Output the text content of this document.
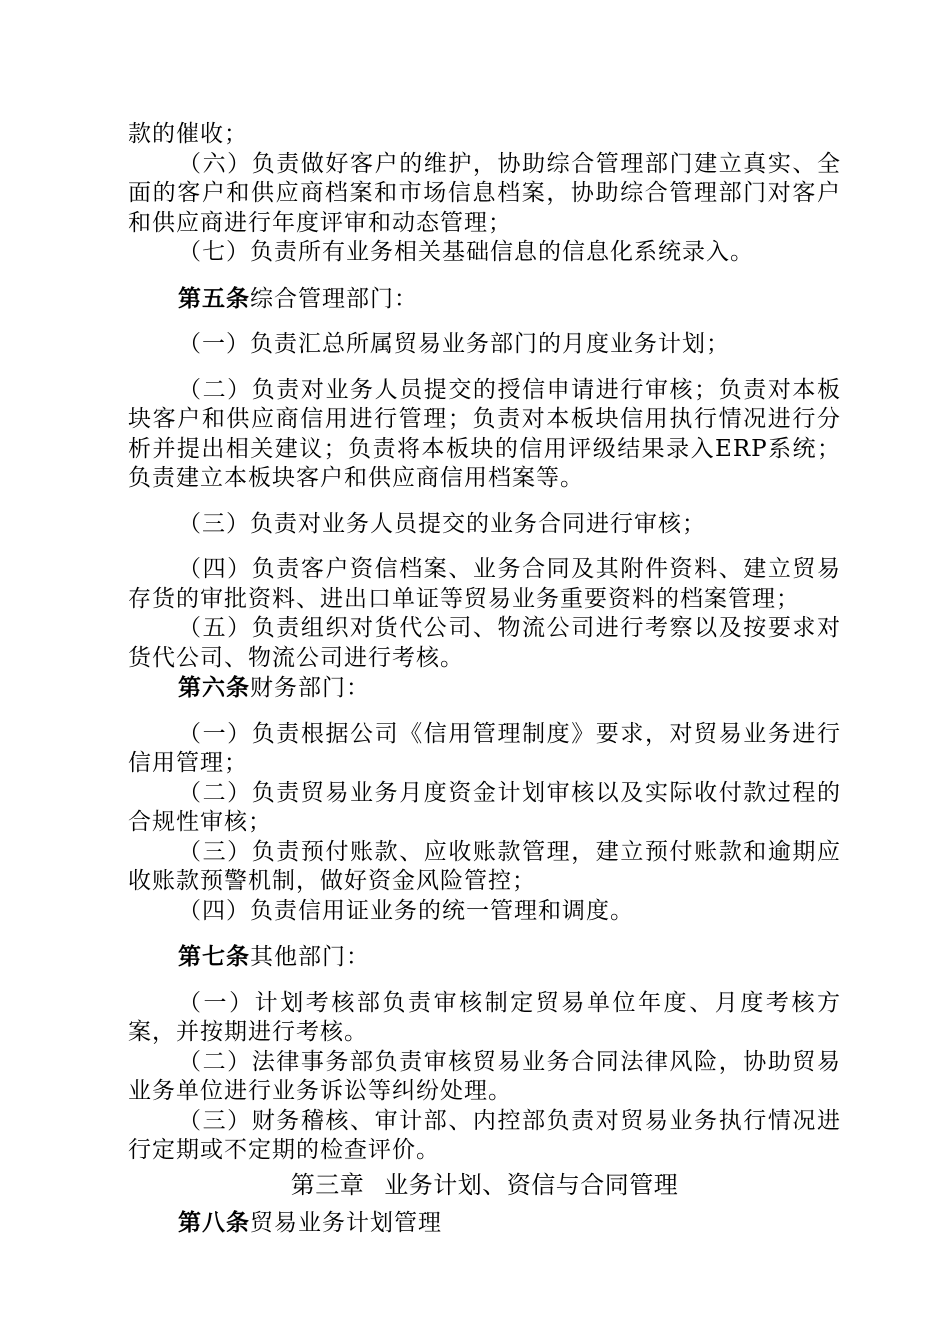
款的催收；

（六）负责做好客户的维护，协助综合管理部门建立真实、全面的客户和供应商档案和市场信息档案，协助综合管理部门对客户和供应商进行年度评审和动态管理；

（七）负责所有业务相关基础信息的信息化系统录入。

第五条综合管理部门：

（一）负责汇总所属贸易业务部门的月度业务计划；

（二）负责对业务人员提交的授信申请进行审核；负责对本板块客户和供应商信用进行管理；负责对本板块信用执行情况进行分析并提出相关建议；负责将本板块的信用评级结果录入ERP系统；负责建立本板块客户和供应商信用档案等。

（三）负责对业务人员提交的业务合同进行审核；

（四）负责客户资信档案、业务合同及其附件资料、建立贸易存货的审批资料、进出口单证等贸易业务重要资料的档案管理；

（五）负责组织对货代公司、物流公司进行考察以及按要求对货代公司、物流公司进行考核。

第六条财务部门：

（一）负责根据公司《信用管理制度》要求，对贸易业务进行信用管理；

（二）负责贸易业务月度资金计划审核以及实际收付款过程的合规性审核；

（三）负责预付账款、应收账款管理，建立预付账款和逾期应收账款预警机制，做好资金风险管控；

（四）负责信用证业务的统一管理和调度。

第七条其他部门：

（一）计划考核部负责审核制定贸易单位年度、月度考核方案，并按期进行考核。

（二）法律事务部负责审核贸易业务合同法律风险，协助贸易业务单位进行业务诉讼等纠纷处理。

（三）财务稽核、审计部、内控部负责对贸易业务执行情况进行定期或不定期的检查评价。

第三章 业务计划、资信与合同管理

第八条贸易业务计划管理
